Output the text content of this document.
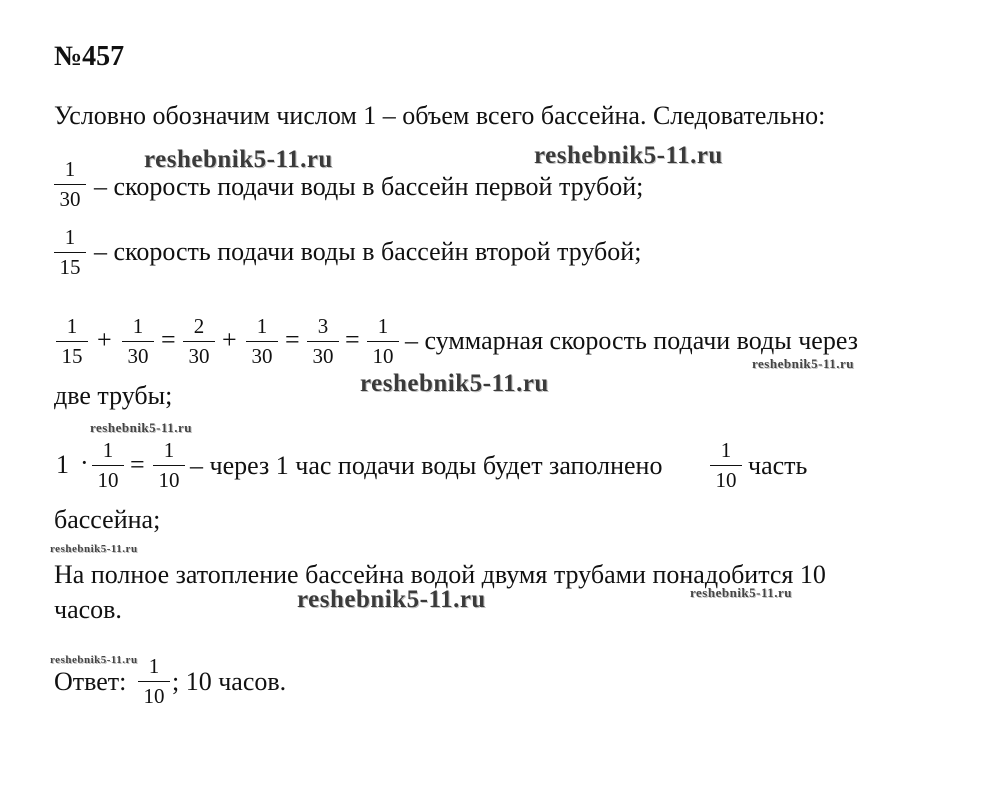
№457
Условно обозначим числом 1 – объем всего бассейна. Следовательно:
1
30 – скорость подачи воды в бассейн первой трубой;
1
15
– скорость подачи воды в бассейн второй трубой;
1
15
+	1
30
= 2
30
+ 1
30
= 3
30
= 1
10
– суммарная скорость подачи воды через
две трубы;
1 · 1
10
= 1
10 – через 1 час подачи воды будет заполнено
1
10 часть
бассейна;
На полное затопление бассейна водой двумя трубами понадобится 10
часов.
Ответ:
1
10 ; 10 часов.
reshebnik5-11.ru	reshebnik5-11.ru
reshebnik5-11.ru
reshebnik5-11.ru
reshebnik5-11.ru
reshebnik5-11.ru
reshebnik5-11.ru	reshebnik5-11.ru
reshebnik5-11.ru
